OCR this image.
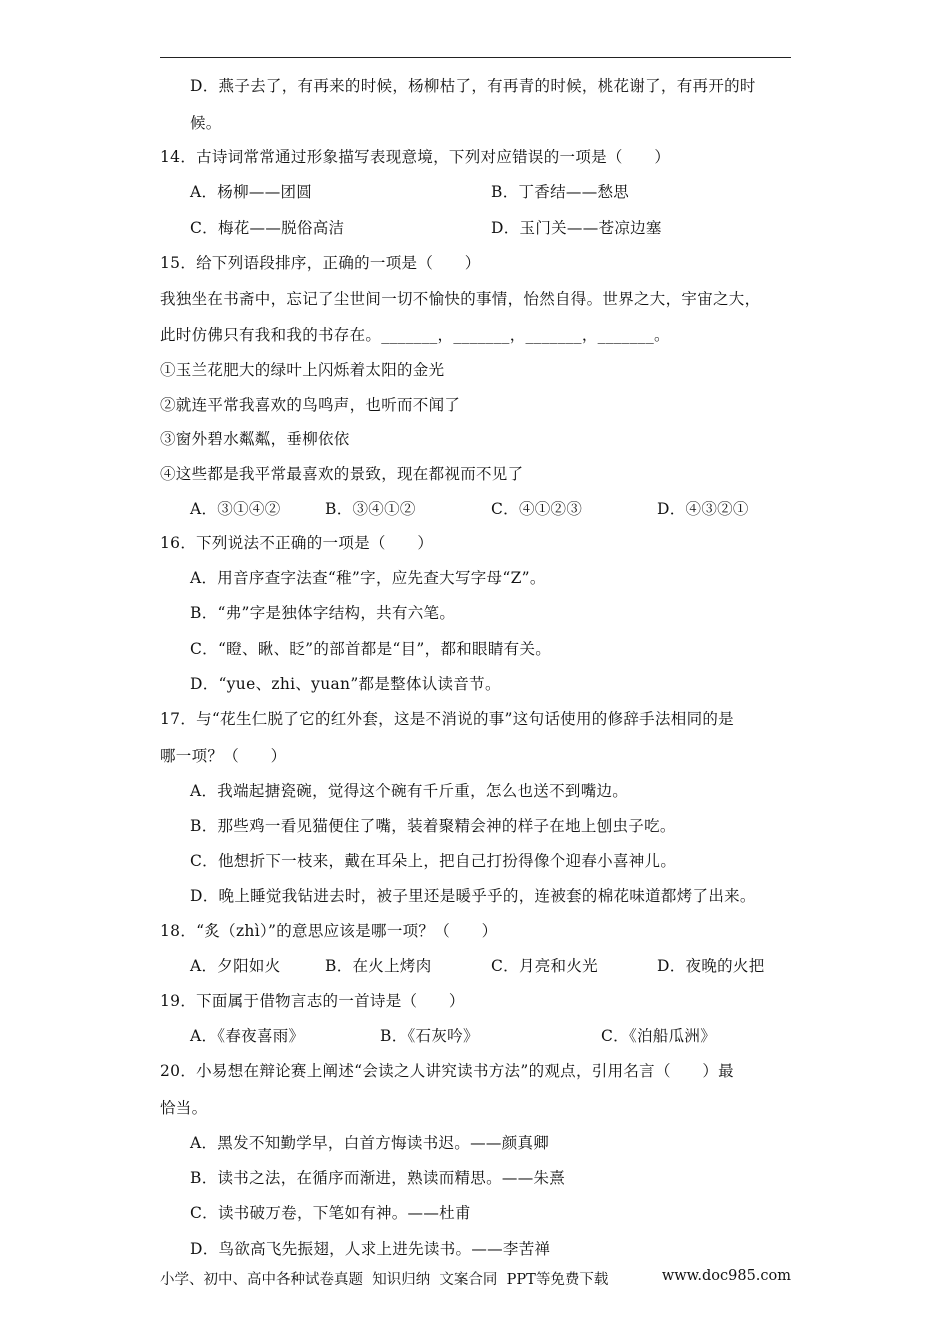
D．燕子去了，有再来的时候，杨柳枯了，有再青的时候，桃花谢了，有再开的时
候。
14．古诗词常常通过形象描写表现意境，下列对应错误的一项是（　　）
A．杨柳——团圆	B．丁香结——愁思
C．梅花——脱俗高洁	D．玉门关——苍凉边塞
15．给下列语段排序，正确的一项是（　　）
我独坐在书斋中，忘记了尘世间一切不愉快的事情，怡然自得。世界之大，宇宙之大，
此时仿佛只有我和我的书存在。_______，_______，_______，_______。
①玉兰花肥大的绿叶上闪烁着太阳的金光
②就连平常我喜欢的鸟鸣声，也听而不闻了
③窗外碧水粼粼，垂柳依依
④这些都是我平常最喜欢的景致，现在都视而不见了
A．③①④②	B．③④①②	C．④①②③	D．④③②①
16．下列说法不正确的一项是（　　）
A．用音序查字法查“稚”字，应先查大写字母“Z”。
B．“弗”字是独体字结构，共有六笔。
C．“瞪、瞅、眨”的部首都是“目”，都和眼睛有关。
D．“yue、zhi、yuan”都是整体认读音节。
17．与“花生仁脱了它的红外套，这是不消说的事”这句话使用的修辞手法相同的是
哪一项？（　　）
A．我端起搪瓷碗，觉得这个碗有千斤重，怎么也送不到嘴边。
B．那些鸡一看见猫便住了嘴，装着聚精会神的样子在地上刨虫子吃。
C．他想折下一枝来，戴在耳朵上，把自己打扮得像个迎春小喜神儿。
D．晚上睡觉我钻进去时，被子里还是暖乎乎的，连被套的棉花味道都烤了出来。
18．“炙（zhì）”的意思应该是哪一项？（　　）
A．夕阳如火	B．在火上烤肉	C．月亮和火光	D．夜晚的火把
19．下面属于借物言志的一首诗是（　　）
A．《春夜喜雨》	B．《石灰吟》	C．《泊船瓜洲》
20．小易想在辩论赛上阐述“会读之人讲究读书方法”的观点，引用名言（　　）最
恰当。
A．黑发不知勤学早，白首方悔读书迟。——颜真卿
B．读书之法，在循序而渐进，熟读而精思。——朱熹
C．读书破万卷，下笔如有神。——杜甫
D．鸟欲高飞先振翅，人求上进先读书。——李苦禅
小学、初中、高中各种试卷真题  知识归纳  文案合同  PPT等免费下载	www.doc985.com
